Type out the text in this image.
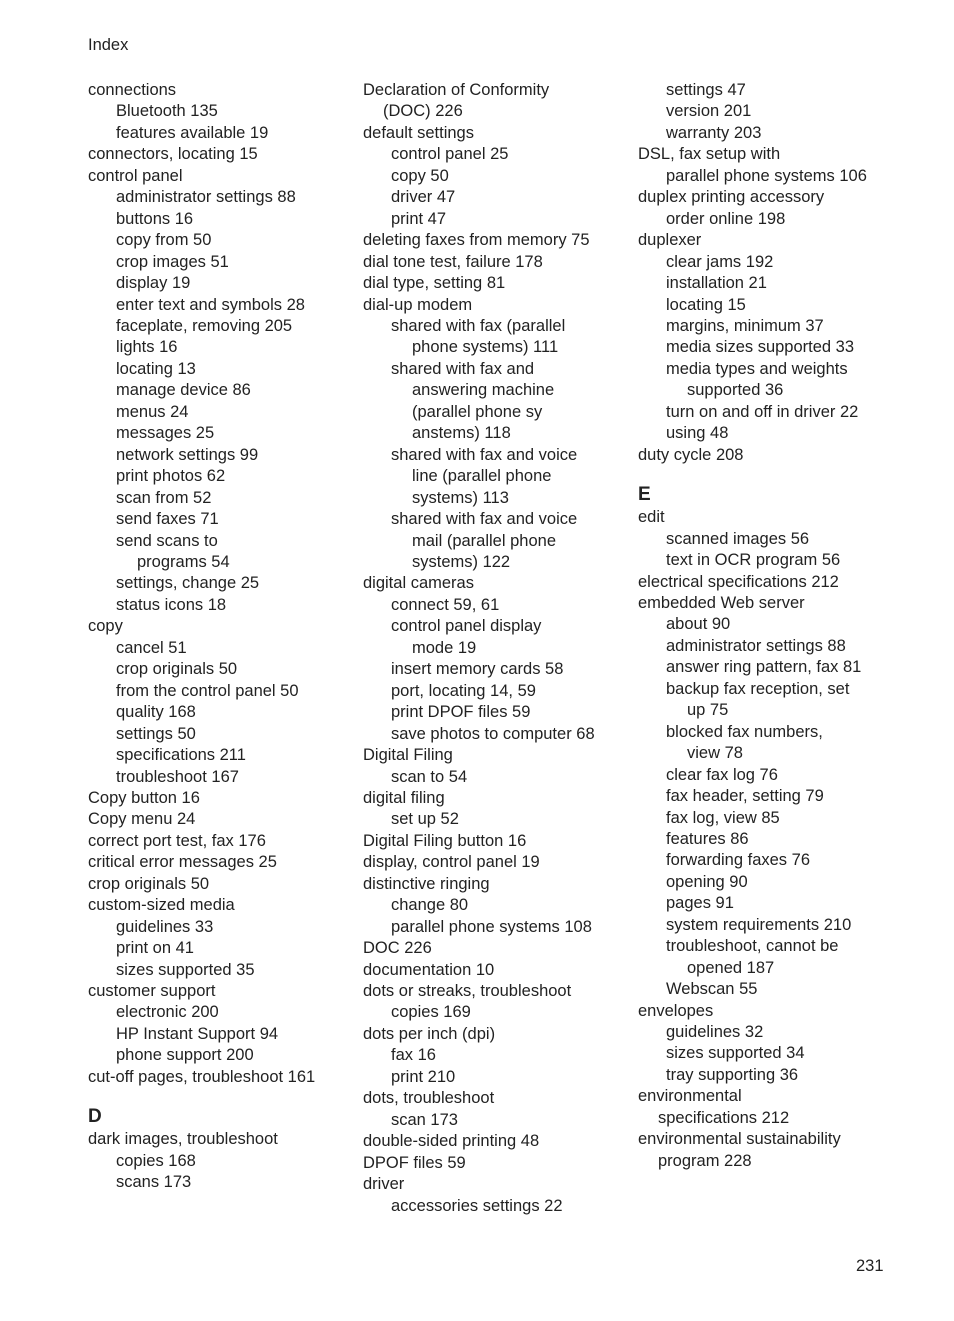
Index
connections
Bluetooth 135
features available 19
connectors, locating 15
control panel
administrator settings 88
buttons 16
copy from 50
crop images 51
display 19
enter text and symbols 28
faceplate, removing 205
lights 16
locating 13
manage device 86
menus 24
messages 25
network settings 99
print photos 62
scan from 52
send faxes 71
send scans to
programs 54
settings, change 25
status icons 18
copy
cancel 51
crop originals 50
from the control panel 50
quality 168
settings 50
specifications 211
troubleshoot 167
Copy button 16
Copy menu 24
correct port test, fax 176
critical error messages 25
crop originals 50
custom-sized media
guidelines 33
print on 41
sizes supported 35
customer support
electronic 200
HP Instant Support 94
phone support 200
cut-off pages, troubleshoot 161
D
dark images, troubleshoot
copies 168
scans 173
Declaration of Conformity
(DOC) 226
default settings
control panel 25
copy 50
driver 47
print 47
deleting faxes from memory 75
dial tone test, failure 178
dial type, setting 81
dial-up modem
shared with fax (parallel
phone systems) 111
shared with fax and
answering machine
(parallel phone sy
anstems) 118
shared with fax and voice
line (parallel phone
systems) 113
shared with fax and voice
mail (parallel phone
systems) 122
digital cameras
connect 59, 61
control panel display
mode 19
insert memory cards 58
port, locating 14, 59
print DPOF files 59
save photos to computer 68
Digital Filing
scan to 54
digital filing
set up 52
Digital Filing button 16
display, control panel 19
distinctive ringing
change 80
parallel phone systems 108
DOC 226
documentation 10
dots or streaks, troubleshoot
copies 169
dots per inch (dpi)
fax 16
print 210
dots, troubleshoot
scan 173
double-sided printing 48
DPOF files 59
driver
accessories settings 22
settings 47
version 201
warranty 203
DSL, fax setup with
parallel phone systems 106
duplex printing accessory
order online 198
duplexer
clear jams 192
installation 21
locating 15
margins, minimum 37
media sizes supported 33
media types and weights
supported 36
turn on and off in driver 22
using 48
duty cycle 208
E
edit
scanned images 56
text in OCR program 56
electrical specifications 212
embedded Web server
about 90
administrator settings 88
answer ring pattern, fax 81
backup fax reception, set
up 75
blocked fax numbers,
view 78
clear fax log 76
fax header, setting 79
fax log, view 85
features 86
forwarding faxes 76
opening 90
pages 91
system requirements 210
troubleshoot, cannot be
opened 187
Webscan 55
envelopes
guidelines 32
sizes supported 34
tray supporting 36
environmental
specifications 212
environmental sustainability
program 228
231
